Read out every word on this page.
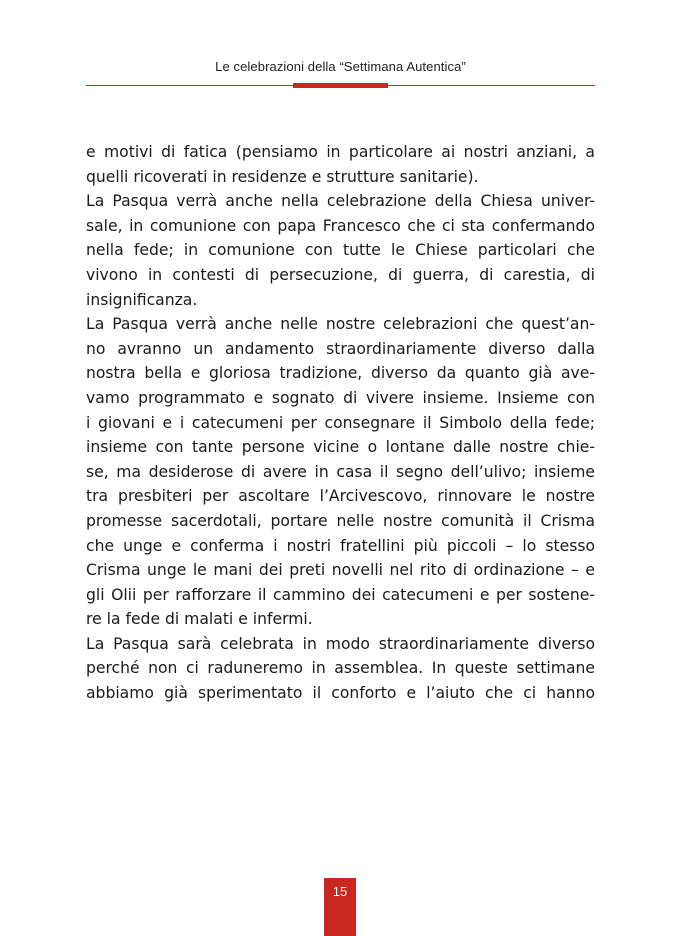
Le celebrazioni della “Settimana Autentica”
e motivi di fatica (pensiamo in particolare ai nostri anziani, a
quelli ricoverati in residenze e strutture sanitarie).
La Pasqua verrà anche nella celebrazione della Chiesa univer-
sale, in comunione con papa Francesco che ci sta confermando
nella fede; in comunione con tutte le Chiese particolari che
vivono in contesti di persecuzione, di guerra, di carestia, di
insignificanza.
La Pasqua verrà anche nelle nostre celebrazioni che quest’an-
no avranno un andamento straordinariamente diverso dalla
nostra bella e gloriosa tradizione, diverso da quanto già ave-
vamo programmato e sognato di vivere insieme. Insieme con
i giovani e i catecumeni per consegnare il Simbolo della fede;
insieme con tante persone vicine o lontane dalle nostre chie-
se, ma desiderose di avere in casa il segno dell’ulivo; insieme
tra presbiteri per ascoltare l’Arcivescovo, rinnovare le nostre
promesse sacerdotali, portare nelle nostre comunità il Crisma
che unge e conferma i nostri fratellini più piccoli – lo stesso
Crisma unge le mani dei preti novelli nel rito di ordinazione – e
gli Olii per rafforzare il cammino dei catecumeni e per sostene-
re la fede di malati e infermi.
La Pasqua sarà celebrata in modo straordinariamente diverso
perché non ci raduneremo in assemblea. In queste settimane
abbiamo già sperimentato il conforto e l’aiuto che ci hanno
15
